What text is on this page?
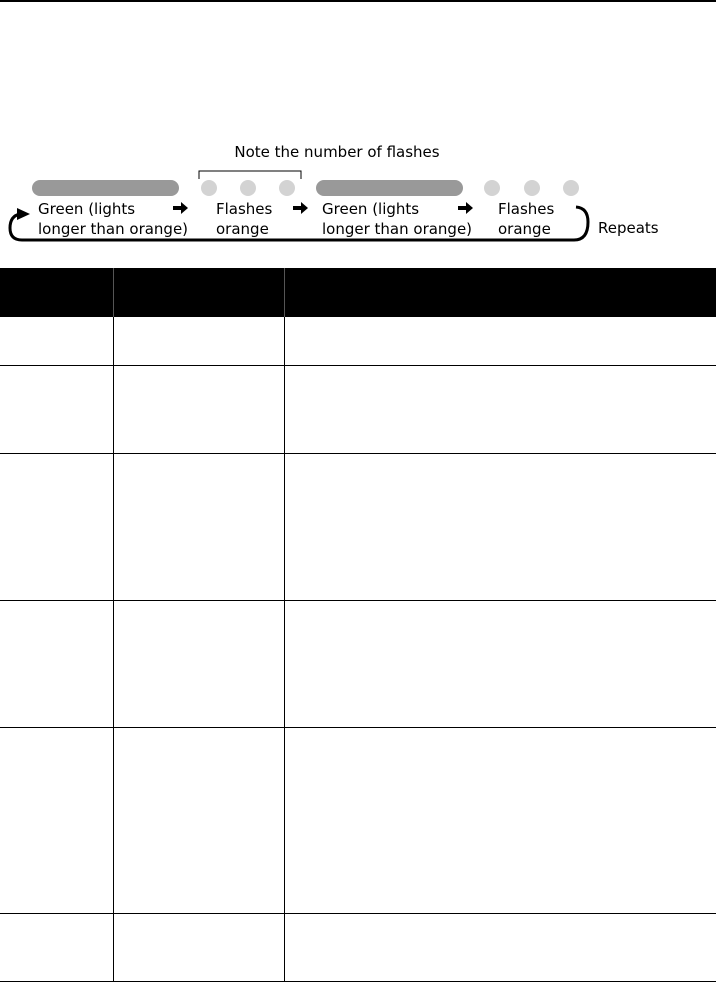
Note the number of flashes
Green (lights
longer than orange)
Flashes
orange
Green (lights
longer than orange)
Flashes
orange	Repeats
